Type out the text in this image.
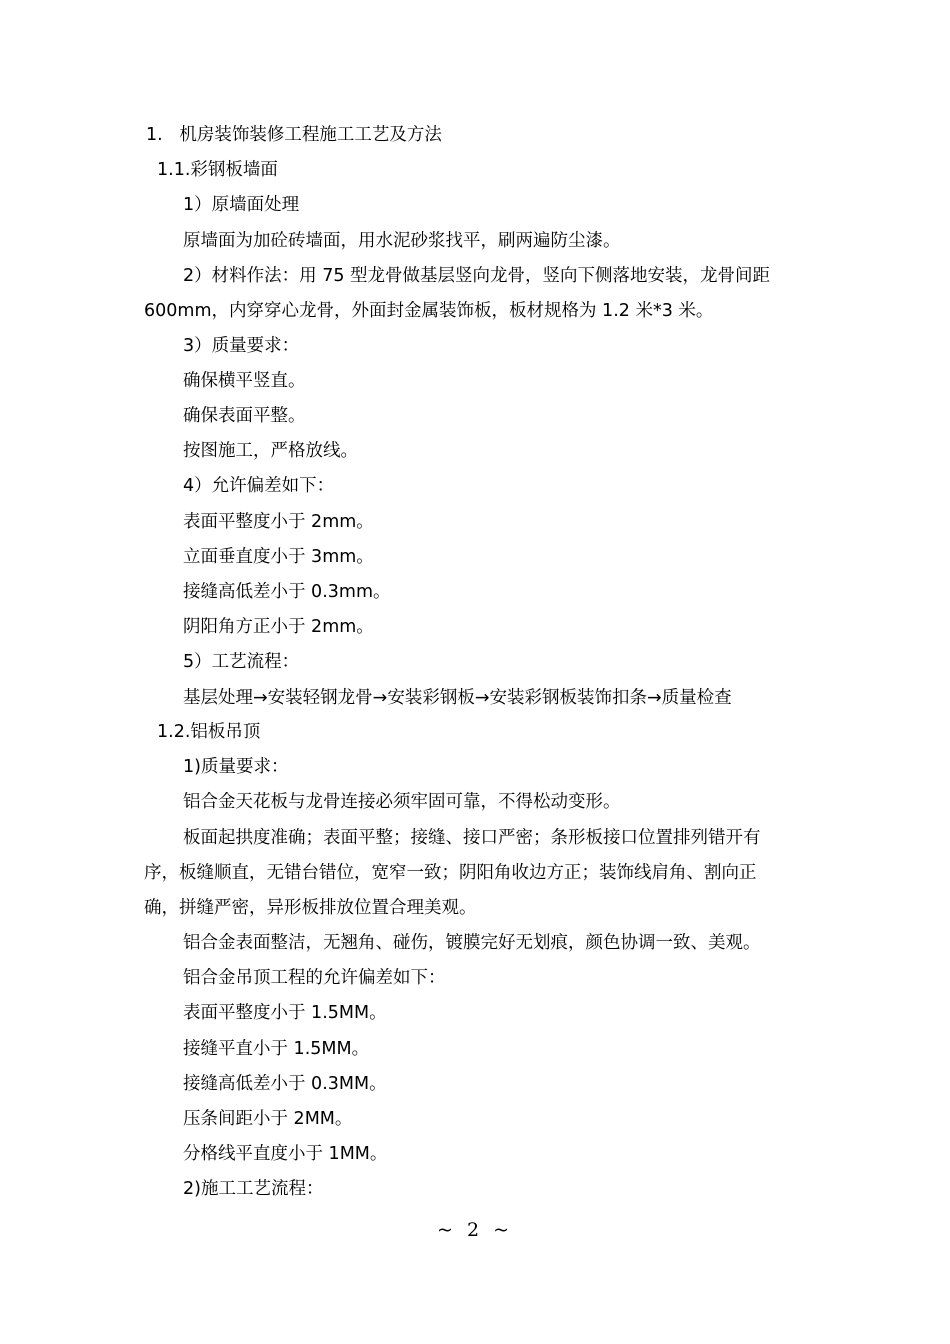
1. 机房装饰装修工程施工工艺及方法
1.1.彩钢板墙面
1）原墙面处理
原墙面为加砼砖墙面，用水泥砂浆找平，刷两遍防尘漆。
2）材料作法：用 75 型龙骨做基层竖向龙骨，竖向下侧落地安装，龙骨间距
600mm，内穿穿心龙骨，外面封金属装饰板，板材规格为 1.2 米*3 米。
3）质量要求：
确保横平竖直。
确保表面平整。
按图施工，严格放线。
4）允许偏差如下：
表面平整度小于 2mm。
立面垂直度小于 3mm。
接缝高低差小于 0.3mm。
阴阳角方正小于 2mm。
5）工艺流程：
基层处理→安装轻钢龙骨→安装彩钢板→安装彩钢板装饰扣条→质量检查
1.2.铝板吊顶
1)质量要求：
铝合金天花板与龙骨连接必须牢固可靠，不得松动变形。
板面起拱度准确；表面平整；接缝、接口严密；条形板接口位置排列错开有
序，板缝顺直，无错台错位，宽窄一致；阴阳角收边方正；装饰线肩角、割向正
确，拼缝严密，异形板排放位置合理美观。
铝合金表面整洁，无翘角、碰伤，镀膜完好无划痕，颜色协调一致、美观。
铝合金吊顶工程的允许偏差如下：
表面平整度小于 1.5MM。
接缝平直小于 1.5MM。
接缝高低差小于 0.3MM。
压条间距小于 2MM。
分格线平直度小于 1MM。
2)施工工艺流程：
~ 2 ~
